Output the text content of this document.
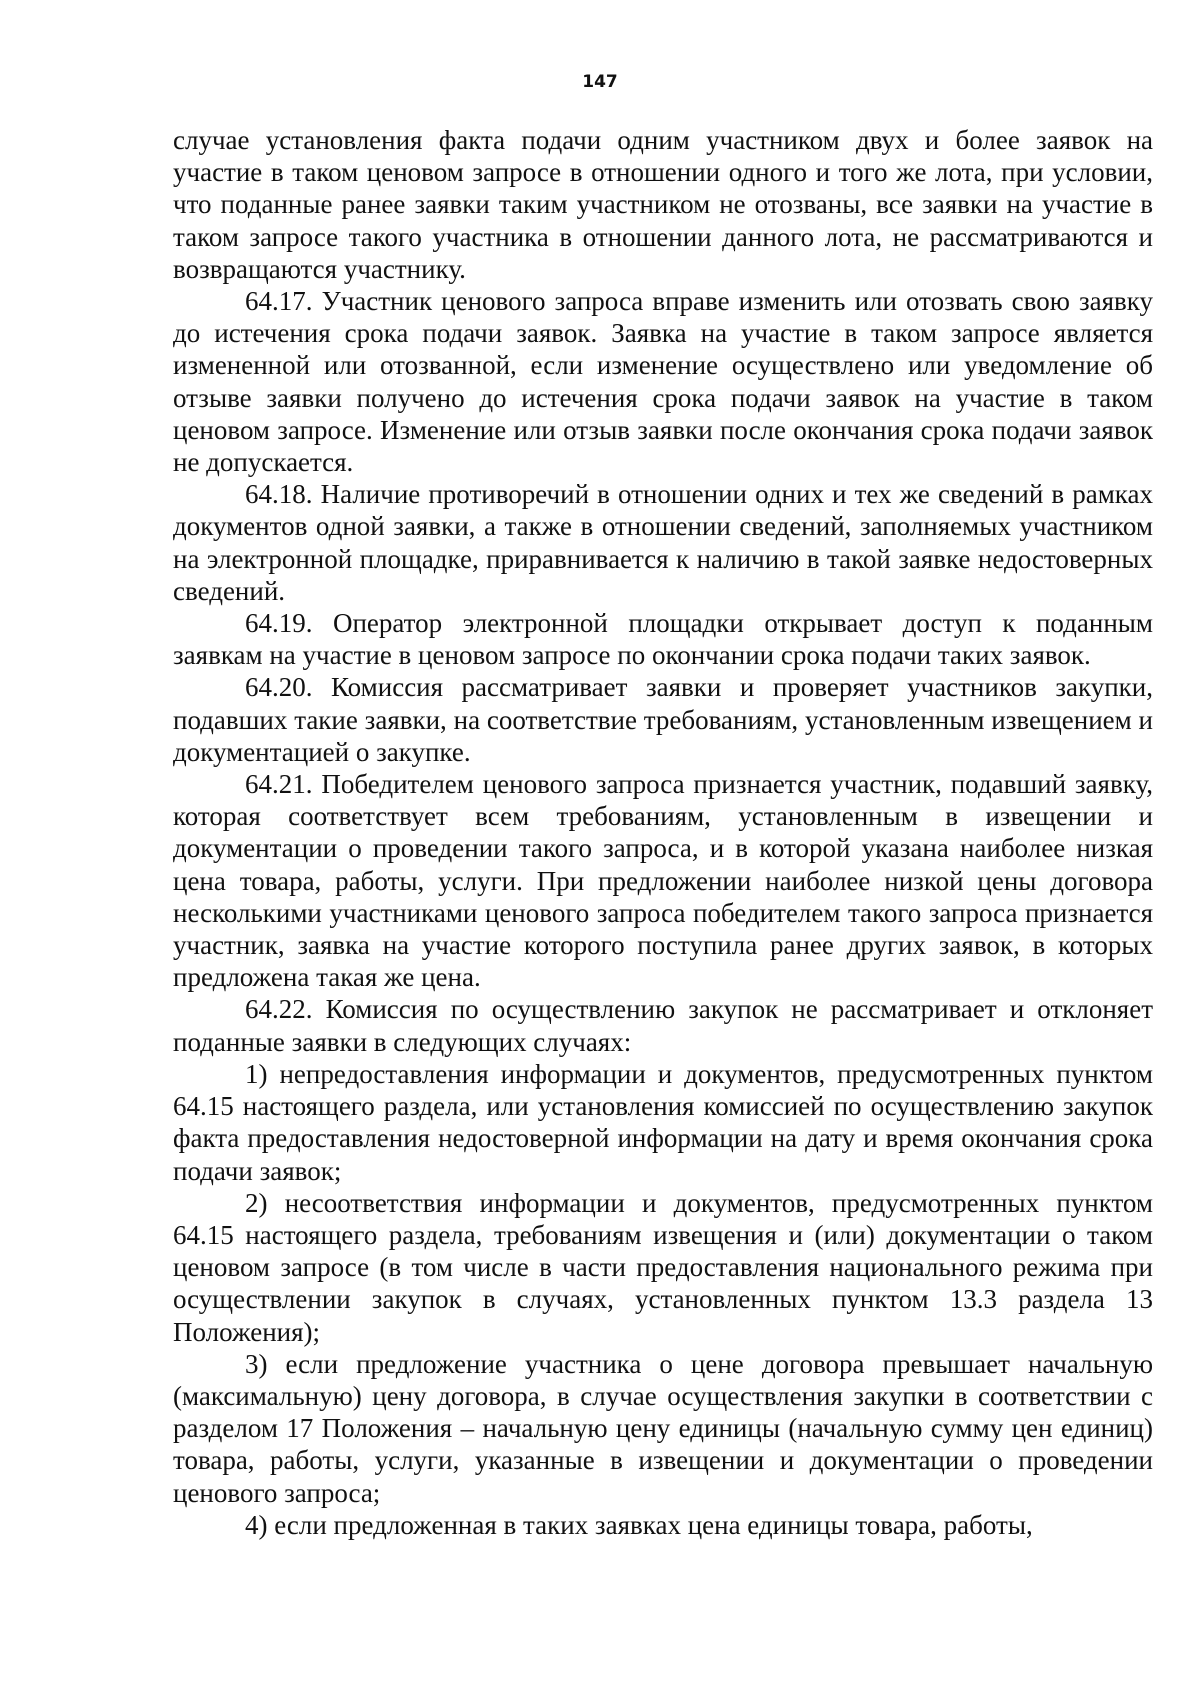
147

случае установления факта подачи одним участником двух и более заявок на участие в таком ценовом запросе в отношении одного и того же лота, при условии, что поданные ранее заявки таким участником не отозваны, все заявки на участие в таком запросе такого участника в отношении данного лота, не рассматриваются и возвращаются участнику.

64.17. Участник ценового запроса вправе изменить или отозвать свою заявку до истечения срока подачи заявок. Заявка на участие в таком запросе является измененной или отозванной, если изменение осуществлено или уведомление об отзыве заявки получено до истечения срока подачи заявок на участие в таком ценовом запросе. Изменение или отзыв заявки после окончания срока подачи заявок не допускается.

64.18. Наличие противоречий в отношении одних и тех же сведений в рамках документов одной заявки, а также в отношении сведений, заполняемых участником на электронной площадке, приравнивается к наличию в такой заявке недостоверных сведений.

64.19. Оператор электронной площадки открывает доступ к поданным заявкам на участие в ценовом запросе по окончании срока подачи таких заявок.

64.20. Комиссия рассматривает заявки и проверяет участников закупки, подавших такие заявки, на соответствие требованиям, установленным извещением и документацией о закупке.

64.21. Победителем ценового запроса признается участник, подавший заявку, которая соответствует всем требованиям, установленным в извещении и документации о проведении такого запроса, и в которой указана наиболее низкая цена товара, работы, услуги. При предложении наиболее низкой цены договора несколькими участниками ценового запроса победителем такого запроса признается участник, заявка на участие которого поступила ранее других заявок, в которых предложена такая же цена.

64.22. Комиссия по осуществлению закупок не рассматривает и отклоняет поданные заявки в следующих случаях:

1) непредоставления информации и документов, предусмотренных пунктом 64.15 настоящего раздела, или установления комиссией по осуществлению закупок факта предоставления недостоверной информации на дату и время окончания срока подачи заявок;

2) несоответствия информации и документов, предусмотренных пунктом 64.15 настоящего раздела, требованиям извещения и (или) документации о таком ценовом запросе (в том числе в части предоставления национального режима при осуществлении закупок в случаях, установленных пунктом 13.3 раздела 13 Положения);

3) если предложение участника о цене договора превышает начальную (максимальную) цену договора, в случае осуществления закупки в соответствии с разделом 17 Положения – начальную цену единицы (начальную сумму цен единиц) товара, работы, услуги, указанные в извещении и документации о проведении ценового запроса;

4) если предложенная в таких заявках цена единицы товара, работы,
